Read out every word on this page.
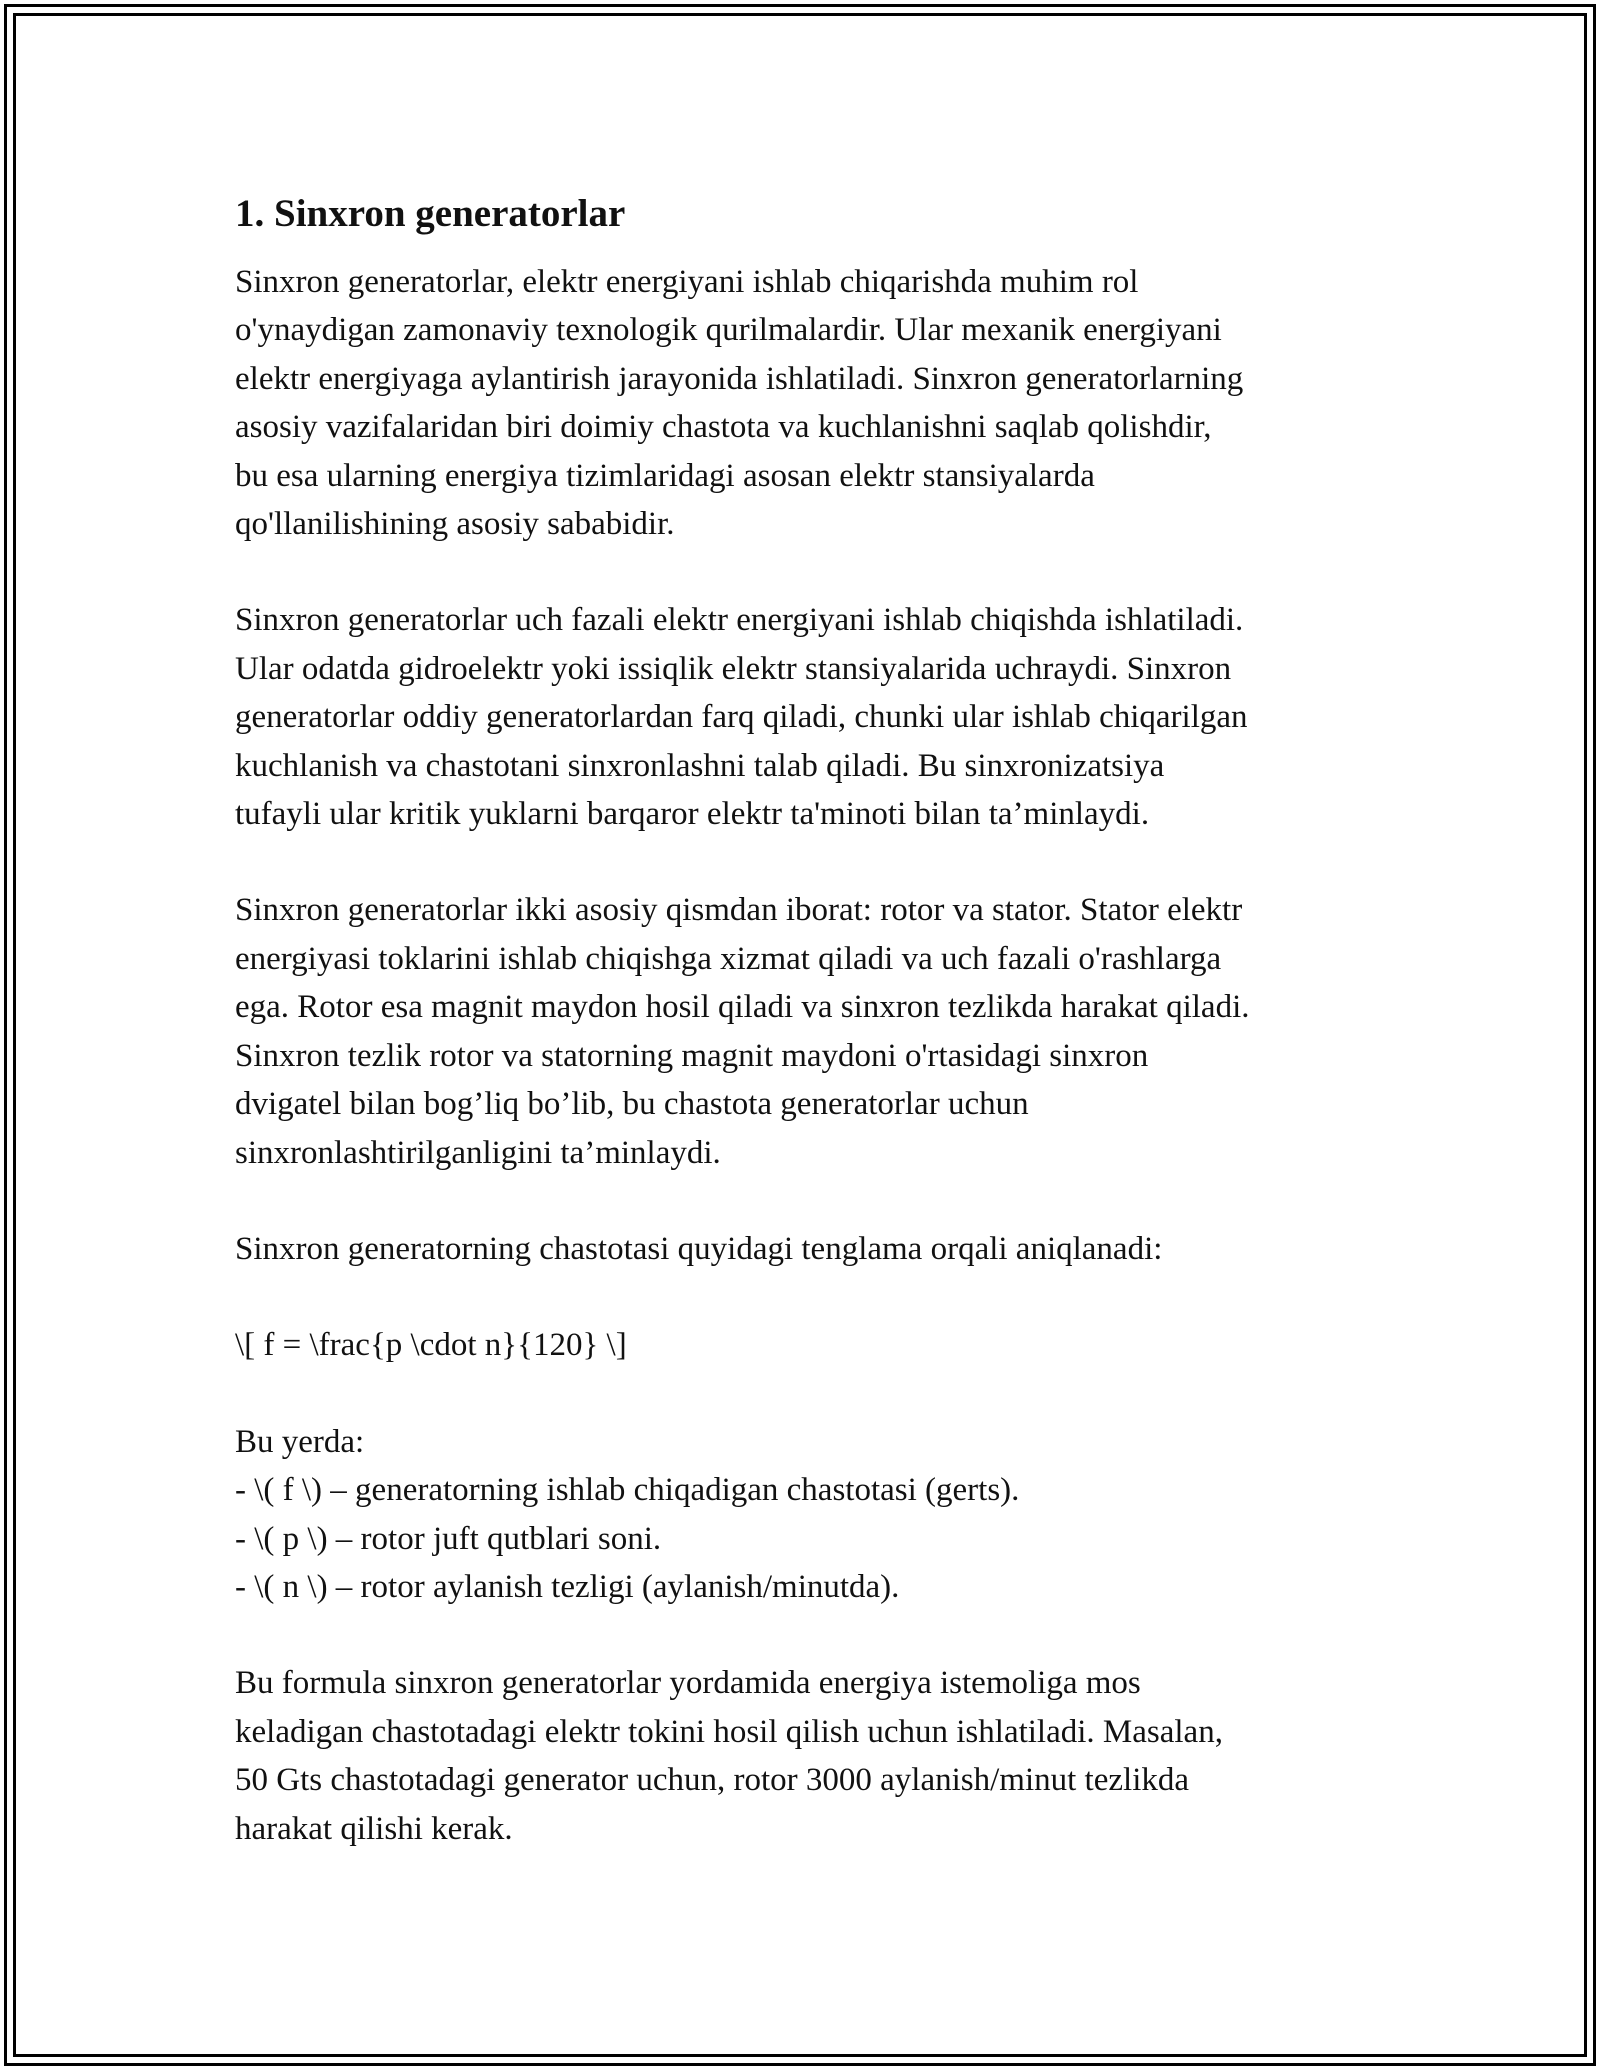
1. Sinxron generatorlar

Sinxron generatorlar, elektr energiyani ishlab chiqarishda muhim rol
o'ynaydigan zamonaviy texnologik qurilmalardir. Ular mexanik energiyani
elektr energiyaga aylantirish jarayonida ishlatiladi. Sinxron generatorlarning
asosiy vazifalaridan biri doimiy chastota va kuchlanishni saqlab qolishdir,
bu esa ularning energiya tizimlaridagi asosan elektr stansiyalarda
qo'llanilishining asosiy sababidir.

Sinxron generatorlar uch fazali elektr energiyani ishlab chiqishda ishlatiladi.
Ular odatda gidroelektr yoki issiqlik elektr stansiyalarida uchraydi. Sinxron
generatorlar oddiy generatorlardan farq qiladi, chunki ular ishlab chiqarilgan
kuchlanish va chastotani sinxronlashni talab qiladi. Bu sinxronizatsiya
tufayli ular kritik yuklarni barqaror elektr ta'minoti bilan ta’minlaydi.

Sinxron generatorlar ikki asosiy qismdan iborat: rotor va stator. Stator elektr
energiyasi toklarini ishlab chiqishga xizmat qiladi va uch fazali o'rashlarga
ega. Rotor esa magnit maydon hosil qiladi va sinxron tezlikda harakat qiladi.
Sinxron tezlik rotor va statorning magnit maydoni o'rtasidagi sinxron
dvigatel bilan bog’liq bo’lib, bu chastota generatorlar uchun
sinxronlashtirilganligini ta’minlaydi.

Sinxron generatorning chastotasi quyidagi tenglama orqali aniqlanadi:

\[ f = \frac{p \cdot n}{120} \]

Bu yerda:
- \( f \) – generatorning ishlab chiqadigan chastotasi (gerts).
- \( p \) – rotor juft qutblari soni.
- \( n \) – rotor aylanish tezligi (aylanish/minutda).

Bu formula sinxron generatorlar yordamida energiya istemoliga mos
keladigan chastotadagi elektr tokini hosil qilish uchun ishlatiladi. Masalan,
50 Gts chastotadagi generator uchun, rotor 3000 aylanish/minut tezlikda
harakat qilishi kerak.
